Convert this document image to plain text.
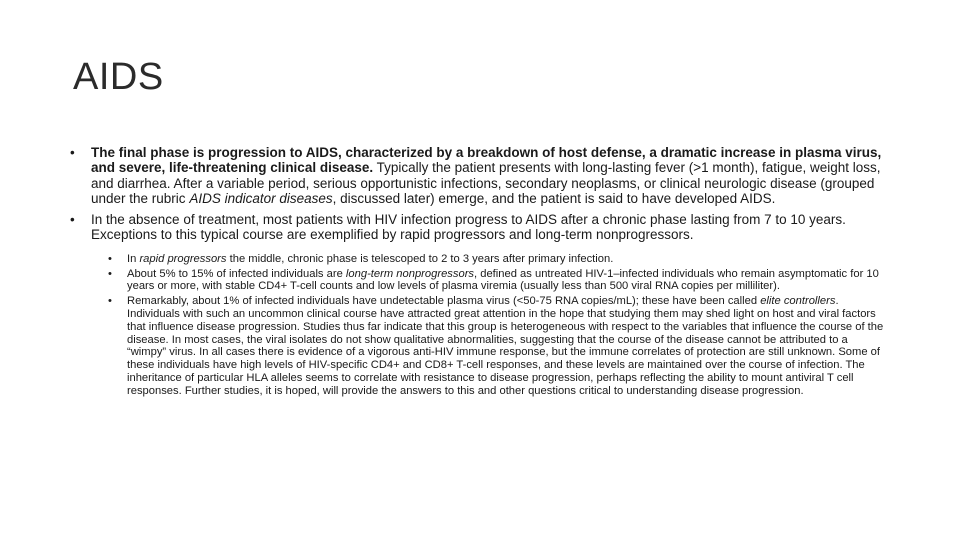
AIDS

• The final phase is progression to AIDS, characterized by a breakdown of host defense, a dramatic increase in plasma virus, and severe, life-threatening clinical disease. Typically the patient presents with long-lasting fever (>1 month), fatigue, weight loss, and diarrhea. After a variable period, serious opportunistic infections, secondary neoplasms, or clinical neurologic disease (grouped under the rubric AIDS indicator diseases, discussed later) emerge, and the patient is said to have developed AIDS.

• In the absence of treatment, most patients with HIV infection progress to AIDS after a chronic phase lasting from 7 to 10 years. Exceptions to this typical course are exemplified by rapid progressors and long-term nonprogressors.

• In rapid progressors the middle, chronic phase is telescoped to 2 to 3 years after primary infection.

• About 5% to 15% of infected individuals are long-term nonprogressors, defined as untreated HIV-1–infected individuals who remain asymptomatic for 10 years or more, with stable CD4+ T-cell counts and low levels of plasma viremia (usually less than 500 viral RNA copies per milliliter).

• Remarkably, about 1% of infected individuals have undetectable plasma virus (<50-75 RNA copies/mL); these have been called elite controllers. Individuals with such an uncommon clinical course have attracted great attention in the hope that studying them may shed light on host and viral factors that influence disease progression. Studies thus far indicate that this group is heterogeneous with respect to the variables that influence the course of the disease. In most cases, the viral isolates do not show qualitative abnormalities, suggesting that the course of the disease cannot be attributed to a “wimpy” virus. In all cases there is evidence of a vigorous anti-HIV immune response, but the immune correlates of protection are still unknown. Some of these individuals have high levels of HIV-specific CD4+ and CD8+ T-cell responses, and these levels are maintained over the course of infection. The inheritance of particular HLA alleles seems to correlate with resistance to disease progression, perhaps reflecting the ability to mount antiviral T cell responses. Further studies, it is hoped, will provide the answers to this and other questions critical to understanding disease progression.
